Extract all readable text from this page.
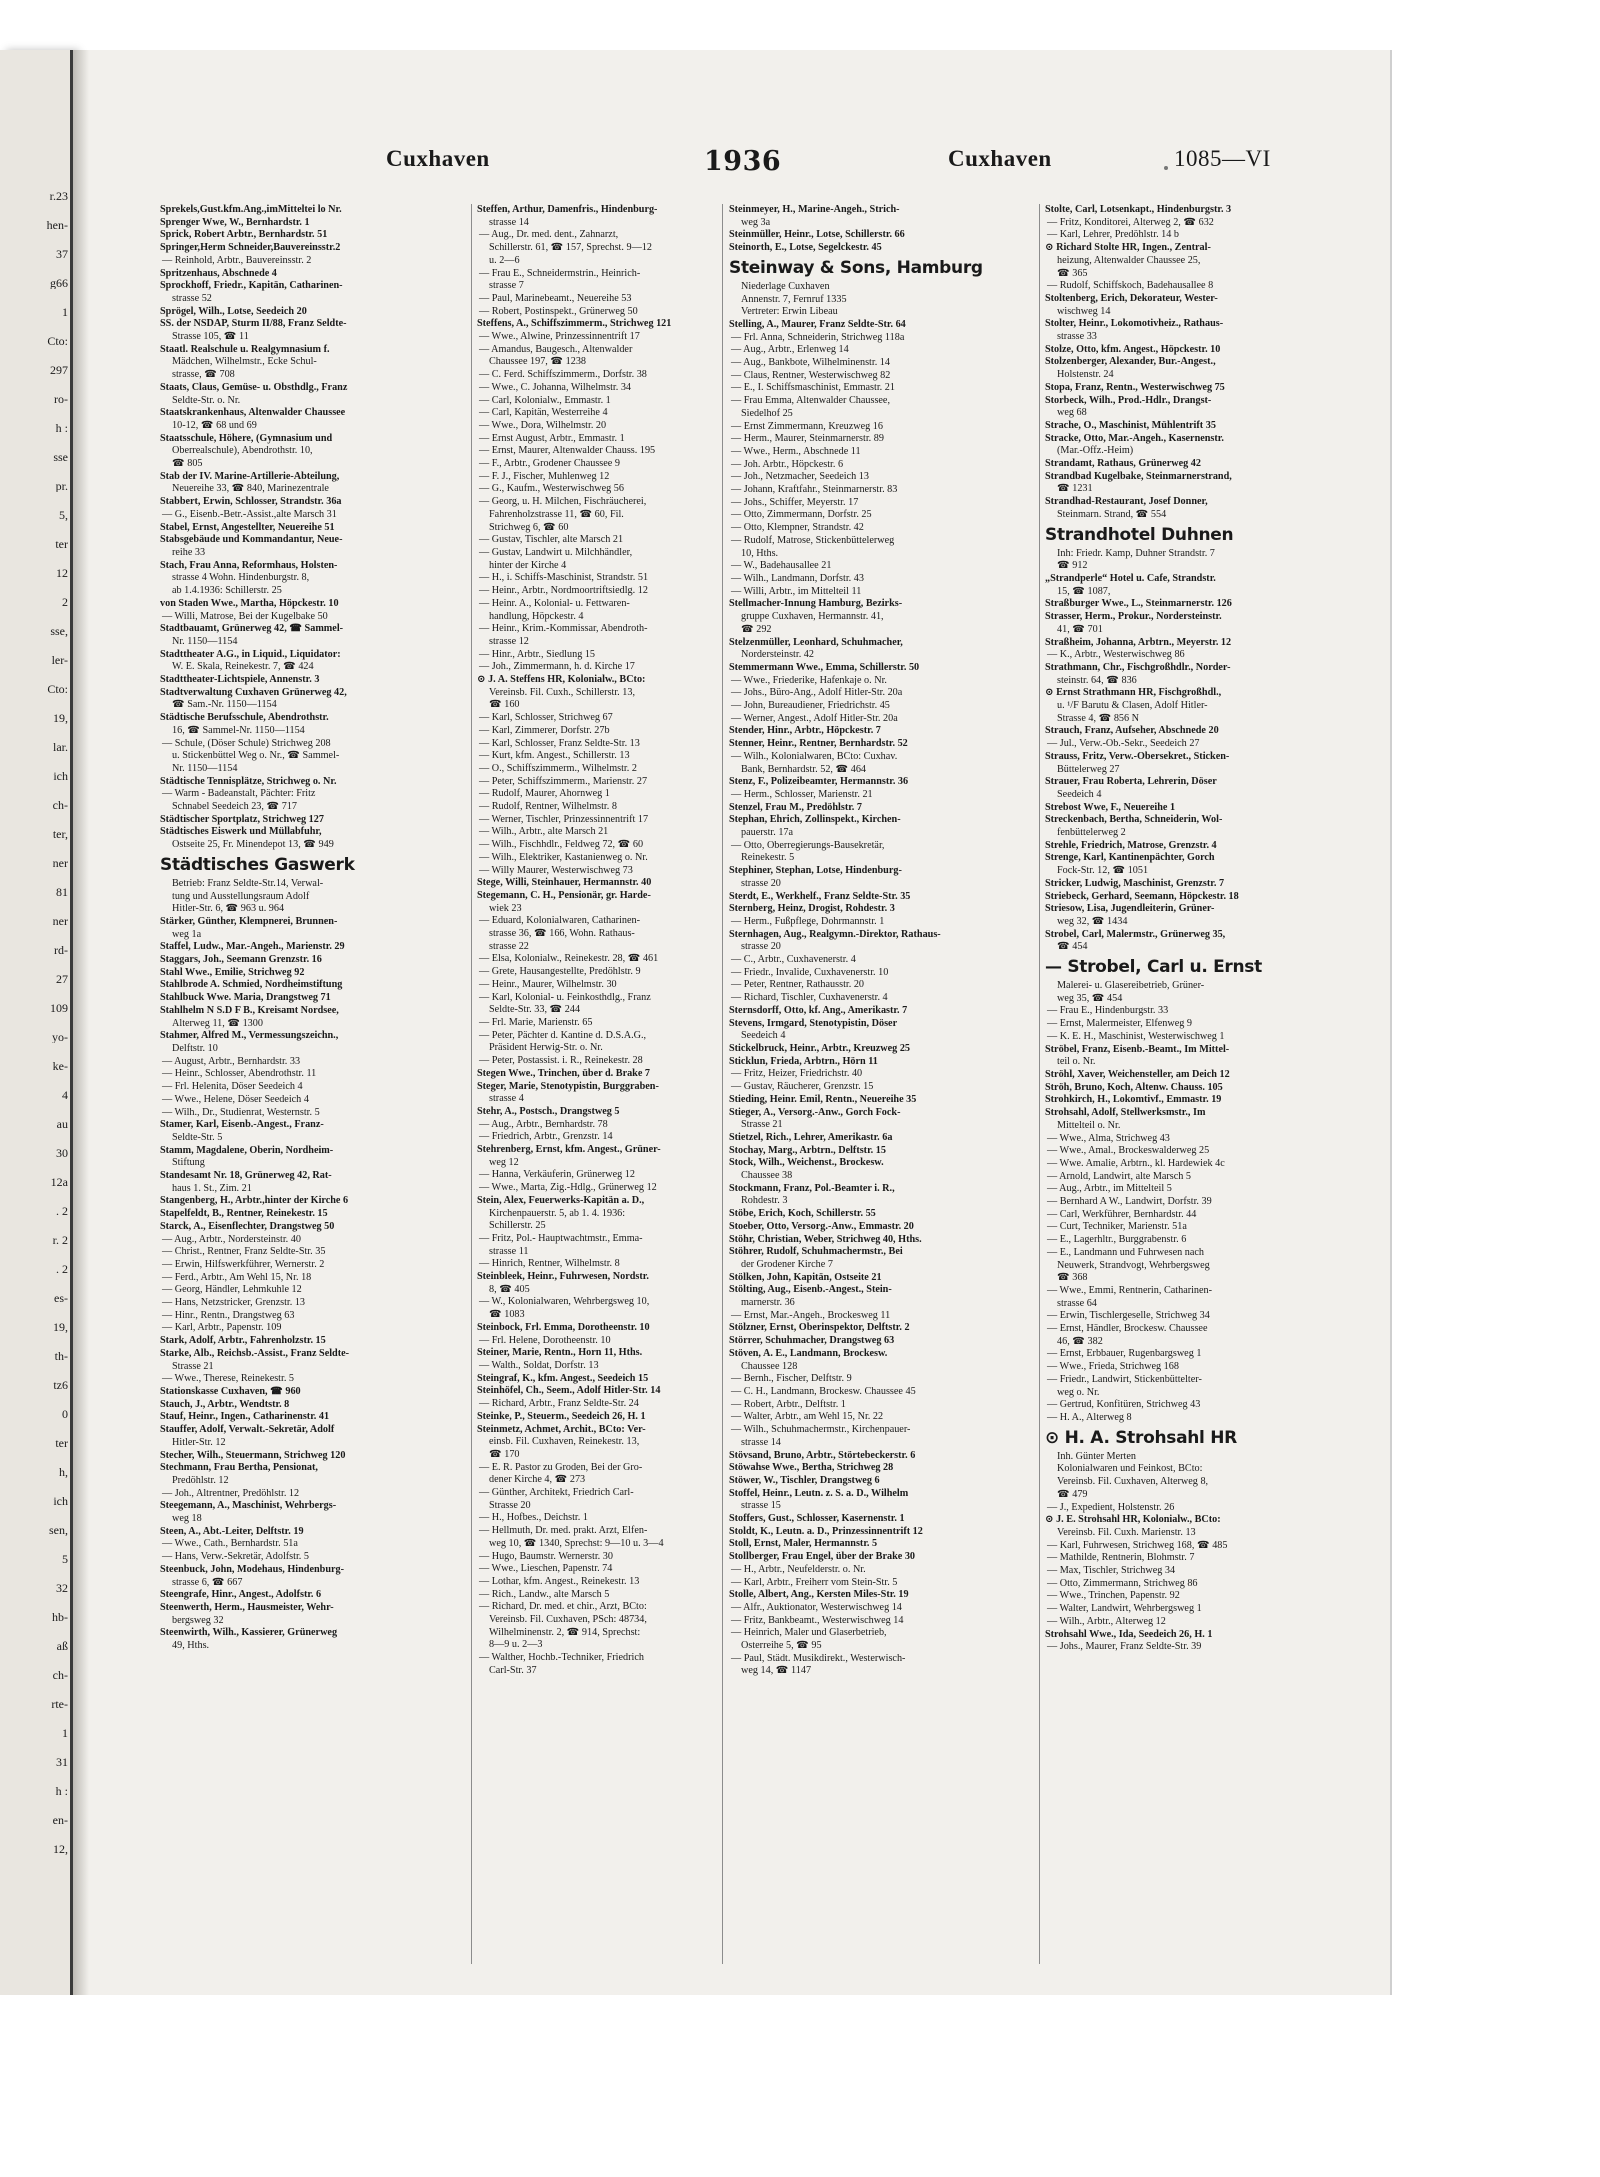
r.23
hen-
37
g66
1
Cto:
297
ro-
h :
sse
pr.
5,
ter
12
2
sse,
ler-
Cto:
19,
lar.
ich
ch-
ter,
ner
81
ner
rd-
27
109
yo-
ke-
4
au
30
12a
. 2
r. 2
. 2
es-
19,
th-
tz6
0
ter
h,
ich
sen,
5
32
hb-
aß
ch-
rte-
1
31
h :
en-
12,
Cuxhaven	1936	Cuxhaven	1085—VI

Sprekels,Gust.kfm.Ang.,imMitteltei lo Nr.

Sprenger Wwe, W., Bernhardstr. 1

Sprick, Robert Arbtr., Bernhardstr. 51

Springer,Herm Schneider,Bauvereinsstr.2

— Reinhold, Arbtr., Bauvereinsstr. 2

Spritzenhaus, Abschnede 4

Sprockhoff, Friedr., Kapitän, Catharinen-

strasse 52

Sprögel, Wilh., Lotse, Seedeich 20

SS. der NSDAP, Sturm II/88, Franz Seldte-

Strasse 105, ☎ 11

Staatl. Realschule u. Realgymnasium f.

Mädchen, Wilhelmstr., Ecke Schul-

strasse, ☎ 708

Staats, Claus, Gemüse- u. Obsthdlg., Franz

Seldte-Str. o. Nr.

Staatskrankenhaus, Altenwalder Chaussee

10-12, ☎ 68 und 69

Staatsschule, Höhere, (Gymnasium und

Oberrealschule), Abendrothstr. 10,

☎ 805

Stab der IV. Marine-Artillerie-Abteilung,

Neuereihe 33, ☎ 840, Marinezentrale

Stabbert, Erwin, Schlosser, Strandstr. 36a

— G., Eisenb.-Betr.-Assist.,alte Marsch 31

Stabel, Ernst, Angestellter, Neuereihe 51

Stabsgebäude und Kommandantur, Neue-

reihe 33

Stach, Frau Anna, Reformhaus, Holsten-

strasse 4 Wohn. Hindenburgstr. 8,

ab 1.4.1936: Schillerstr. 25

von Staden Wwe., Martha, Höpckestr. 10

— Willi, Matrose, Bei der Kugelbake 50

Stadtbauamt, Grünerweg 42, ☎ Sammel-

Nr. 1150—1154

Stadttheater A.G., in Liquid., Liquidator:

W. E. Skala, Reinekestr. 7, ☎ 424

Stadttheater-Lichtspiele, Annenstr. 3

Stadtverwaltung Cuxhaven Grünerweg 42,

☎ Sam.-Nr. 1150—1154

Städtische Berufsschule, Abendrothstr.

16, ☎ Sammel-Nr. 1150—1154

— Schule, (Döser Schule) Strichweg 208

u. Stickenbüttel Weg o. Nr., ☎ Sammel-

Nr. 1150—1154

Städtische Tennisplätze, Strichweg o. Nr.

— Warm - Badeanstalt, Pächter: Fritz

Schnabel Seedeich 23, ☎ 717

Städtischer Sportplatz, Strichweg 127

Städtisches Eiswerk und Müllabfuhr,

Ostseite 25, Fr. Minendepot 13, ☎ 949

Städtisches Gaswerk

Betrieb: Franz Seldte-Str.14, Verwal-

tung und Ausstellungsraum Adolf

Hitler-Str. 6, ☎ 963 u. 964

Stärker, Günther, Klempnerei, Brunnen-

weg 1a

Staffel, Ludw., Mar.-Angeh., Marienstr. 29

Staggars, Joh., Seemann Grenzstr. 16

Stahl Wwe., Emilie, Strichweg 92

Stahlbrode A. Schmied, Nordheimstiftung

Stahlbuck Wwe. Maria, Drangstweg 71

Stahlhelm N S.D F B., Kreisamt Nordsee,

Alterweg 11, ☎ 1300

Stahmer, Alfred M., Vermessungszeichn.,

Delftstr. 10

— August, Arbtr., Bernhardstr. 33

— Heinr., Schlosser, Abendrothstr. 11

— Frl. Helenita, Döser Seedeich 4

— Wwe., Helene, Döser Seedeich 4

— Wilh., Dr., Studienrat, Westernstr. 5

Stamer, Karl, Eisenb.-Angest., Franz-

Seldte-Str. 5

Stamm, Magdalene, Oberin, Nordheim-

Stiftung

Standesamt Nr. 18, Grünerweg 42, Rat-

haus 1. St., Zim. 21

Stangenberg, H., Arbtr.,hinter der Kirche 6

Stapelfeldt, B., Rentner, Reinekestr. 15

Starck, A., Eisenflechter, Drangstweg 50

— Aug., Arbtr., Nordersteinstr. 40

— Christ., Rentner, Franz Seldte-Str. 35

— Erwin, Hilfswerkführer, Wernerstr. 2

— Ferd., Arbtr., Am Wehl 15, Nr. 18

— Georg, Händler, Lehmkuhle 12

— Hans, Netzstricker, Grenzstr. 13

— Hinr., Rentn., Drangstweg 63

— Karl, Arbtr., Papenstr. 109

Stark, Adolf, Arbtr., Fahrenholzstr. 15

Starke, Alb., Reichsb.-Assist., Franz Seldte-

Strasse 21

— Wwe., Therese, Reinekestr. 5

Stationskasse Cuxhaven, ☎ 960

Stauch, J., Arbtr., Wendtstr. 8

Stauf, Heinr., Ingen., Catharinenstr. 41

Stauffer, Adolf, Verwalt.-Sekretär, Adolf

Hitler-Str. 12

Stecher, Wilh., Steuermann, Strichweg 120

Stechmann, Frau Bertha, Pensionat,

Predöhlstr. 12

— Joh., Altrentner, Predöhlstr. 12

Steegemann, A., Maschinist, Wehrbergs-

weg 18

Steen, A., Abt.-Leiter, Delftstr. 19

— Wwe., Cath., Bernhardstr. 51a

— Hans, Verw.-Sekretär, Adolfstr. 5

Steenbuck, John, Modehaus, Hindenburg-

strasse 6, ☎ 667

Steengrafe, Hinr., Angest., Adolfstr. 6

Steenwerth, Herm., Hausmeister, Wehr-

bergsweg 32

Steenwirth, Wilh., Kassierer, Grünerweg

49, Hths.

Steffen, Arthur, Damenfris., Hindenburg-

strasse 14

— Aug., Dr. med. dent., Zahnarzt,

Schillerstr. 61, ☎ 157, Sprechst. 9—12

u. 2—6

— Frau E., Schneidermstrin., Heinrich-

strasse 7

— Paul, Marinebeamt., Neuereihe 53

— Robert, Postinspekt., Grünerweg 50

Steffens, A., Schiffszimmerm., Strichweg 121

— Wwe., Alwine, Prinzessinnentrift 17

— Amandus, Baugesch., Altenwalder

Chaussee 197, ☎ 1238

— C. Ferd. Schiffszimmerm., Dorfstr. 38

— Wwe., C. Johanna, Wilhelmstr. 34

— Carl, Kolonialw., Emmastr. 1

— Carl, Kapitän, Westerreihe 4

— Wwe., Dora, Wilhelmstr. 20

— Ernst August, Arbtr., Emmastr. 1

— Ernst, Maurer, Altenwalder Chauss. 195

— F., Arbtr., Grodener Chaussee 9

— F. J., Fischer, Muhlenweg 12

— G., Kaufm., Westerwischweg 56

— Georg, u. H. Milchen, Fischräucherei,

Fahrenholzstrasse 11, ☎ 60, Fil.

Strichweg 6, ☎ 60

— Gustav, Tischler, alte Marsch 21

— Gustav, Landwirt u. Milchhändler,

hinter der Kirche 4

— H., i. Schiffs-Maschinist, Strandstr. 51

— Heinr., Arbtr., Nordmoortriftsiedlg. 12

— Heinr. A., Kolonial- u. Fettwaren-

handlung, Höpckestr. 4

— Heinr., Krim.-Kommissar, Abendroth-

strasse 12

— Hinr., Arbtr., Siedlung 15

— Joh., Zimmermann, h. d. Kirche 17

⊙ J. A. Steffens HR, Kolonialw., BCto:

Vereinsb. Fil. Cuxh., Schillerstr. 13,

☎ 160

— Karl, Schlosser, Strichweg 67

— Karl, Zimmerer, Dorfstr. 27b

— Karl, Schlosser, Franz Seldte-Str. 13

— Kurt, kfm. Angest., Schillerstr. 13

— O., Schiffszimmerm., Wilhelmstr. 2

— Peter, Schiffszimmerm., Marienstr. 27

— Rudolf, Maurer, Ahornweg 1

— Rudolf, Rentner, Wilhelmstr. 8

— Werner, Tischler, Prinzessinnentrift 17

— Wilh., Arbtr., alte Marsch 21

— Wilh., Fischhdlr., Feldweg 72, ☎ 60

— Wilh., Elektriker, Kastanienweg o. Nr.

— Willy Maurer, Westerwischweg 73

Stege, Willi, Steinhauer, Hermannstr. 40

Stegemann, C. H., Pensionär, gr. Harde-

wiek 23

— Eduard, Kolonialwaren, Catharinen-

strasse 36, ☎ 166, Wohn. Rathaus-

strasse 22

— Elsa, Kolonialw., Reinekestr. 28, ☎ 461

— Grete, Hausangestellte, Predöhlstr. 9

— Heinr., Maurer, Wilhelmstr. 30

— Karl, Kolonial- u. Feinkosthdlg., Franz

Seldte-Str. 33, ☎ 244

— Frl. Marie, Marienstr. 65

— Peter, Pächter d. Kantine d. D.S.A.G.,

Präsident Herwig-Str. o. Nr.

— Peter, Postassist. i. R., Reinekestr. 28

Stegen Wwe., Trinchen, über d. Brake 7

Steger, Marie, Stenotypistin, Burggraben-

strasse 4

Stehr, A., Postsch., Drangstweg 5

— Aug., Arbtr., Bernhardstr. 78

— Friedrich, Arbtr., Grenzstr. 14

Stehrenberg, Ernst, kfm. Angest., Grüner-

weg 12

— Hanna, Verkäuferin, Grünerweg 12

— Wwe., Marta, Zig.-Hdlg., Grünerweg 12

Stein, Alex, Feuerwerks-Kapitän a. D.,

Kirchenpauerstr. 5, ab 1. 4. 1936:

Schillerstr. 25

— Fritz, Pol.- Hauptwachtmstr., Emma-

strasse 11

— Hinrich, Rentner, Wilhelmstr. 8

Steinbleek, Heinr., Fuhrwesen, Nordstr.

8, ☎ 405

— W., Kolonialwaren, Wehrbergsweg 10,

☎ 1083

Steinbock, Frl. Emma, Dorotheenstr. 10

— Frl. Helene, Dorotheenstr. 10

Steiner, Marie, Rentn., Horn 11, Hths.

— Walth., Soldat, Dorfstr. 13

Steingraf, K., kfm. Angest., Seedeich 15

Steinhöfel, Ch., Seem., Adolf Hitler-Str. 14

— Richard, Arbtr., Franz Seldte-Str. 24

Steinke, P., Steuerm., Seedeich 26, H. 1

Steinmetz, Achmet, Archit., BCto: Ver-

einsb. Fil. Cuxhaven, Reinekestr. 13,

☎ 170

— E. R. Pastor zu Groden, Bei der Gro-

dener Kirche 4, ☎ 273

— Günther, Architekt, Friedrich Carl-

Strasse 20

— H., Hofbes., Deichstr. 1

— Hellmuth, Dr. med. prakt. Arzt, Elfen-

weg 10, ☎ 1340, Sprechst: 9—10 u. 3—4

— Hugo, Baumstr. Wernerstr. 30

— Wwe., Lieschen, Papenstr. 74

— Lothar, kfm. Angest., Reinekestr. 13

— Rich., Landw., alte Marsch 5

— Richard, Dr. med. et chir., Arzt, BCto:

Vereinsb. Fil. Cuxhaven, PSch: 48734,

Wilhelminenstr. 2, ☎ 914, Sprechst:

8—9 u. 2—3

— Walther, Hochb.-Techniker, Friedrich

Carl-Str. 37

Steinmeyer, H., Marine-Angeh., Strich-

weg 3a

Steinmüller, Heinr., Lotse, Schillerstr. 66

Steinorth, E., Lotse, Segelckestr. 45

Steinway & Sons, Hamburg

Niederlage Cuxhaven

Annenstr. 7, Fernruf 1335

Vertreter: Erwin Libeau

Stelling, A., Maurer, Franz Seldte-Str. 64

— Frl. Anna, Schneiderin, Strichweg 118a

— Aug., Arbtr., Erlenweg 14

— Aug., Bankbote, Wilhelminenstr. 14

— Claus, Rentner, Westerwischweg 82

— E., I. Schiffsmaschinist, Emmastr. 21

— Frau Emma, Altenwalder Chaussee,

Siedelhof 25

— Ernst Zimmermann, Kreuzweg 16

— Herm., Maurer, Steinmarnerstr. 89

— Wwe., Herm., Abschnede 11

— Joh. Arbtr., Höpckestr. 6

— Joh., Netzmacher, Seedeich 13

— Johann, Kraftfahr., Steinmarnerstr. 83

— Johs., Schiffer, Meyerstr. 17

— Otto, Zimmermann, Dorfstr. 25

— Otto, Klempner, Strandstr. 42

— Rudolf, Matrose, Stickenbüttelerweg

10, Hths.

— W., Badehausallee 21

— Wilh., Landmann, Dorfstr. 43

— Willi, Arbtr., im Mittelteil 11

Stellmacher-Innung Hamburg, Bezirks-

gruppe Cuxhaven, Hermannstr. 41,

☎ 292

Stelzenmüller, Leonhard, Schuhmacher,

Nordersteinstr. 42

Stemmermann Wwe., Emma, Schillerstr. 50

— Wwe., Friederike, Hafenkaje o. Nr.

— Johs., Büro-Ang., Adolf Hitler-Str. 20a

— John, Bureaudiener, Friedrichstr. 45

— Werner, Angest., Adolf Hitler-Str. 20a

Stender, Hinr., Arbtr., Höpckestr. 7

Stenner, Heinr., Rentner, Bernhardstr. 52

— Wilh., Kolonialwaren, BCto: Cuxhav.

Bank, Bernhardstr. 52, ☎ 464

Stenz, F., Polizeibeamter, Hermannstr. 36

— Herm., Schlosser, Marienstr. 21

Stenzel, Frau M., Predöhlstr. 7

Stephan, Ehrich, Zollinspekt., Kirchen-

pauerstr. 17a

— Otto, Oberregierungs-Bausekretär,

Reinekestr. 5

Stephiner, Stephan, Lotse, Hindenburg-

strasse 20

Sterdt, E., Werkhelf., Franz Seldte-Str. 35

Sternberg, Heinz, Drogist, Rohdestr. 3

— Herm., Fußpflege, Dohrmannstr. 1

Sternhagen, Aug., Realgymn.-Direktor, Rathaus-

strasse 20

— C., Arbtr., Cuxhavenerstr. 4

— Friedr., Invalide, Cuxhavenerstr. 10

— Peter, Rentner, Rathausstr. 20

— Richard, Tischler, Cuxhavenerstr. 4

Sternsdorff, Otto, kf. Ang., Amerikastr. 7

Stevens, Irmgard, Stenotypistin, Döser

Seedeich 4

Stickelbruck, Heinr., Arbtr., Kreuzweg 25

Sticklun, Frieda, Arbtrn., Hörn 11

— Fritz, Heizer, Friedrichstr. 40

— Gustav, Räucherer, Grenzstr. 15

Stieding, Heinr. Emil, Rentn., Neuereihe 35

Stieger, A., Versorg.-Anw., Gorch Fock-

Strasse 21

Stietzel, Rich., Lehrer, Amerikastr. 6a

Stochay, Marg., Arbtrn., Delftstr. 15

Stock, Wilh., Weichenst., Brockesw.

Chaussee 38

Stockmann, Franz, Pol.-Beamter i. R.,

Rohdestr. 3

Stöbe, Erich, Koch, Schillerstr. 55

Stoeber, Otto, Versorg.-Anw., Emmastr. 20

Stöhr, Christian, Weber, Strichweg 40, Hths.

Stöhrer, Rudolf, Schuhmachermstr., Bei

der Grodener Kirche 7

Stölken, John, Kapitän, Ostseite 21

Stölting, Aug., Eisenb.-Angest., Stein-

marnerstr. 36

— Ernst, Mar.-Angeh., Brockesweg 11

Stölzner, Ernst, Oberinspektor, Delftstr. 2

Störrer, Schuhmacher, Drangstweg 63

Stöven, A. E., Landmann, Brockesw.

Chaussee 128

— Bernh., Fischer, Delftstr. 9

— C. H., Landmann, Brockesw. Chaussee 45

— Robert, Arbtr., Delftstr. 1

— Walter, Arbtr., am Wehl 15, Nr. 22

— Wilh., Schuhmachermstr., Kirchenpauer-

strasse 14

Stövsand, Bruno, Arbtr., Störtebeckerstr. 6

Stöwahse Wwe., Bertha, Strichweg 28

Stöwer, W., Tischler, Drangstweg 6

Stoffel, Heinr., Leutn. z. S. a. D., Wilhelm

strasse 15

Stoffers, Gust., Schlosser, Kasernenstr. 1

Stoldt, K., Leutn. a. D., Prinzessinnentrift 12

Stoll, Ernst, Maler, Hermannstr. 5

Stollberger, Frau Engel, über der Brake 30

— H., Arbtr., Neufelderstr. o. Nr.

— Karl, Arbtr., Freiherr vom Stein-Str. 5

Stolle, Albert, Ang., Kersten Miles-Str. 19

— Alfr., Auktionator, Westerwischweg 14

— Fritz, Bankbeamt., Westerwischweg 14

— Heinrich, Maler und Glaserbetrieb,

Osterreihe 5, ☎ 95

— Paul, Städt. Musikdirekt., Westerwisch-

weg 14, ☎ 1147

Stolte, Carl, Lotsenkapt., Hindenburgstr. 3

— Fritz, Konditorei, Alterweg 2, ☎ 632

— Karl, Lehrer, Predöhlstr. 14 b

⊙ Richard Stolte HR, Ingen., Zentral-

heizung, Altenwalder Chaussee 25,

☎ 365

— Rudolf, Schiffskoch, Badehausallee 8

Stoltenberg, Erich, Dekorateur, Wester-

wischweg 14

Stolter, Heinr., Lokomotivheiz., Rathaus-

strasse 33

Stolze, Otto, kfm. Angest., Höpckestr. 10

Stolzenberger, Alexander, Bur.-Angest.,

Holstenstr. 24

Stopa, Franz, Rentn., Westerwischweg 75

Storbeck, Wilh., Prod.-Hdlr., Drangst-

weg 68

Strache, O., Maschinist, Mühlentrift 35

Stracke, Otto, Mar.-Angeh., Kasernenstr.

(Mar.-Offz.-Heim)

Strandamt, Rathaus, Grünerweg 42

Strandbad Kugelbake, Steinmarnerstrand,

☎ 1231

Strandhad-Restaurant, Josef Donner,

Steinmarn. Strand, ☎ 554

Strandhotel Duhnen

Inh: Friedr. Kamp, Duhner Strandstr. 7

☎ 912

„Strandperle“ Hotel u. Cafe, Strandstr.

15, ☎ 1087,

Straßburger Wwe., L., Steinmarnerstr. 126

Strasser, Herm., Prokur., Nordersteinstr.

41, ☎ 701

Straßheim, Johanna, Arbtrn., Meyerstr. 12

— K., Arbtr., Westerwischweg 86

Strathmann, Chr., Fischgroßhdlr., Norder-

steinstr. 64, ☎ 836

⊙ Ernst Strathmann HR, Fischgroßhdl.,

u. ¹/F Barutu & Clasen, Adolf Hitler-

Strasse 4, ☎ 856 N

Strauch, Franz, Aufseher, Abschnede 20

— Jul., Verw.-Ob.-Sekr., Seedeich 27

Strauss, Fritz, Verw.-Obersekret., Sticken-

Büttelerweg 27

Strauer, Frau Roberta, Lehrerin, Döser

Seedeich 4

Strebost Wwe, F., Neuereihe 1

Streckenbach, Bertha, Schneiderin, Wol-

fenbüttelerweg 2

Strehle, Friedrich, Matrose, Grenzstr. 4

Strenge, Karl, Kantinenpächter, Gorch

Fock-Str. 12, ☎ 1051

Stricker, Ludwig, Maschinist, Grenzstr. 7

Striebeck, Gerhard, Seemann, Höpckestr. 18

Striesow, Lisa, Jugendleiterin, Grüner-

weg 32, ☎ 1434

Strobel, Carl, Malermstr., Grünerweg 35,

☎ 454

— Strobel, Carl u. Ernst

Malerei- u. Glasereibetrieb, Grüner-

weg 35, ☎ 454

— Frau E., Hindenburgstr. 33

— Ernst, Malermeister, Elfenweg 9

— K. E. H., Maschinist, Westerwischweg 1

Ströbel, Franz, Eisenb.-Beamt., Im Mittel-

teil o. Nr.

Ströhl, Xaver, Weichensteller, am Deich 12

Ströh, Bruno, Koch, Altenw. Chauss. 105

Strohkirch, H., Lokomtivf., Emmastr. 19

Strohsahl, Adolf, Stellwerksmstr., Im

Mittelteil o. Nr.

— Wwe., Alma, Strichweg 43

— Wwe., Amal., Brockeswalderweg 25

— Wwe. Amalie, Arbtrn., kl. Hardewiek 4c

— Arnold, Landwirt, alte Marsch 5

— Aug., Arbtr., im Mittelteil 5

— Bernhard A W., Landwirt, Dorfstr. 39

— Carl, Werkführer, Bernhardstr. 44

— Curt, Techniker, Marienstr. 51a

— E., Lagerhltr., Burggrabenstr. 6

— E., Landmann und Fuhrwesen nach

Neuwerk, Strandvogt, Wehrbergsweg

☎ 368

— Wwe., Emmi, Rentnerin, Catharinen-

strasse 64

— Erwin, Tischlergeselle, Strichweg 34

— Ernst, Händler, Brockesw. Chaussee

46, ☎ 382

— Ernst, Erbbauer, Rugenbargsweg 1

— Wwe., Frieda, Strichweg 168

— Friedr., Landwirt, Stickenbüttelter-

weg o. Nr.

— Gertrud, Konfitüren, Strichweg 43

— H. A., Alterweg 8

⊙ H. A. Strohsahl HR

Inh. Günter Merten

Kolonialwaren und Feinkost, BCto:

Vereinsb. Fil. Cuxhaven, Alterweg 8,

☎ 479

— J., Expedient, Holstenstr. 26

⊙ J. E. Strohsahl HR, Kolonialw., BCto:

Vereinsb. Fil. Cuxh. Marienstr. 13

— Karl, Fuhrwesen, Strichweg 168, ☎ 485

— Mathilde, Rentnerin, Blohmstr. 7

— Max, Tischler, Strichweg 34

— Otto, Zimmermann, Strichweg 86

— Wwe., Trinchen, Papenstr. 92

— Walter, Landwirt, Wehrbergsweg 1

— Wilh., Arbtr., Alterweg 12

Strohsahl Wwe., Ida, Seedeich 26, H. 1

— Johs., Maurer, Franz Seldte-Str. 39
